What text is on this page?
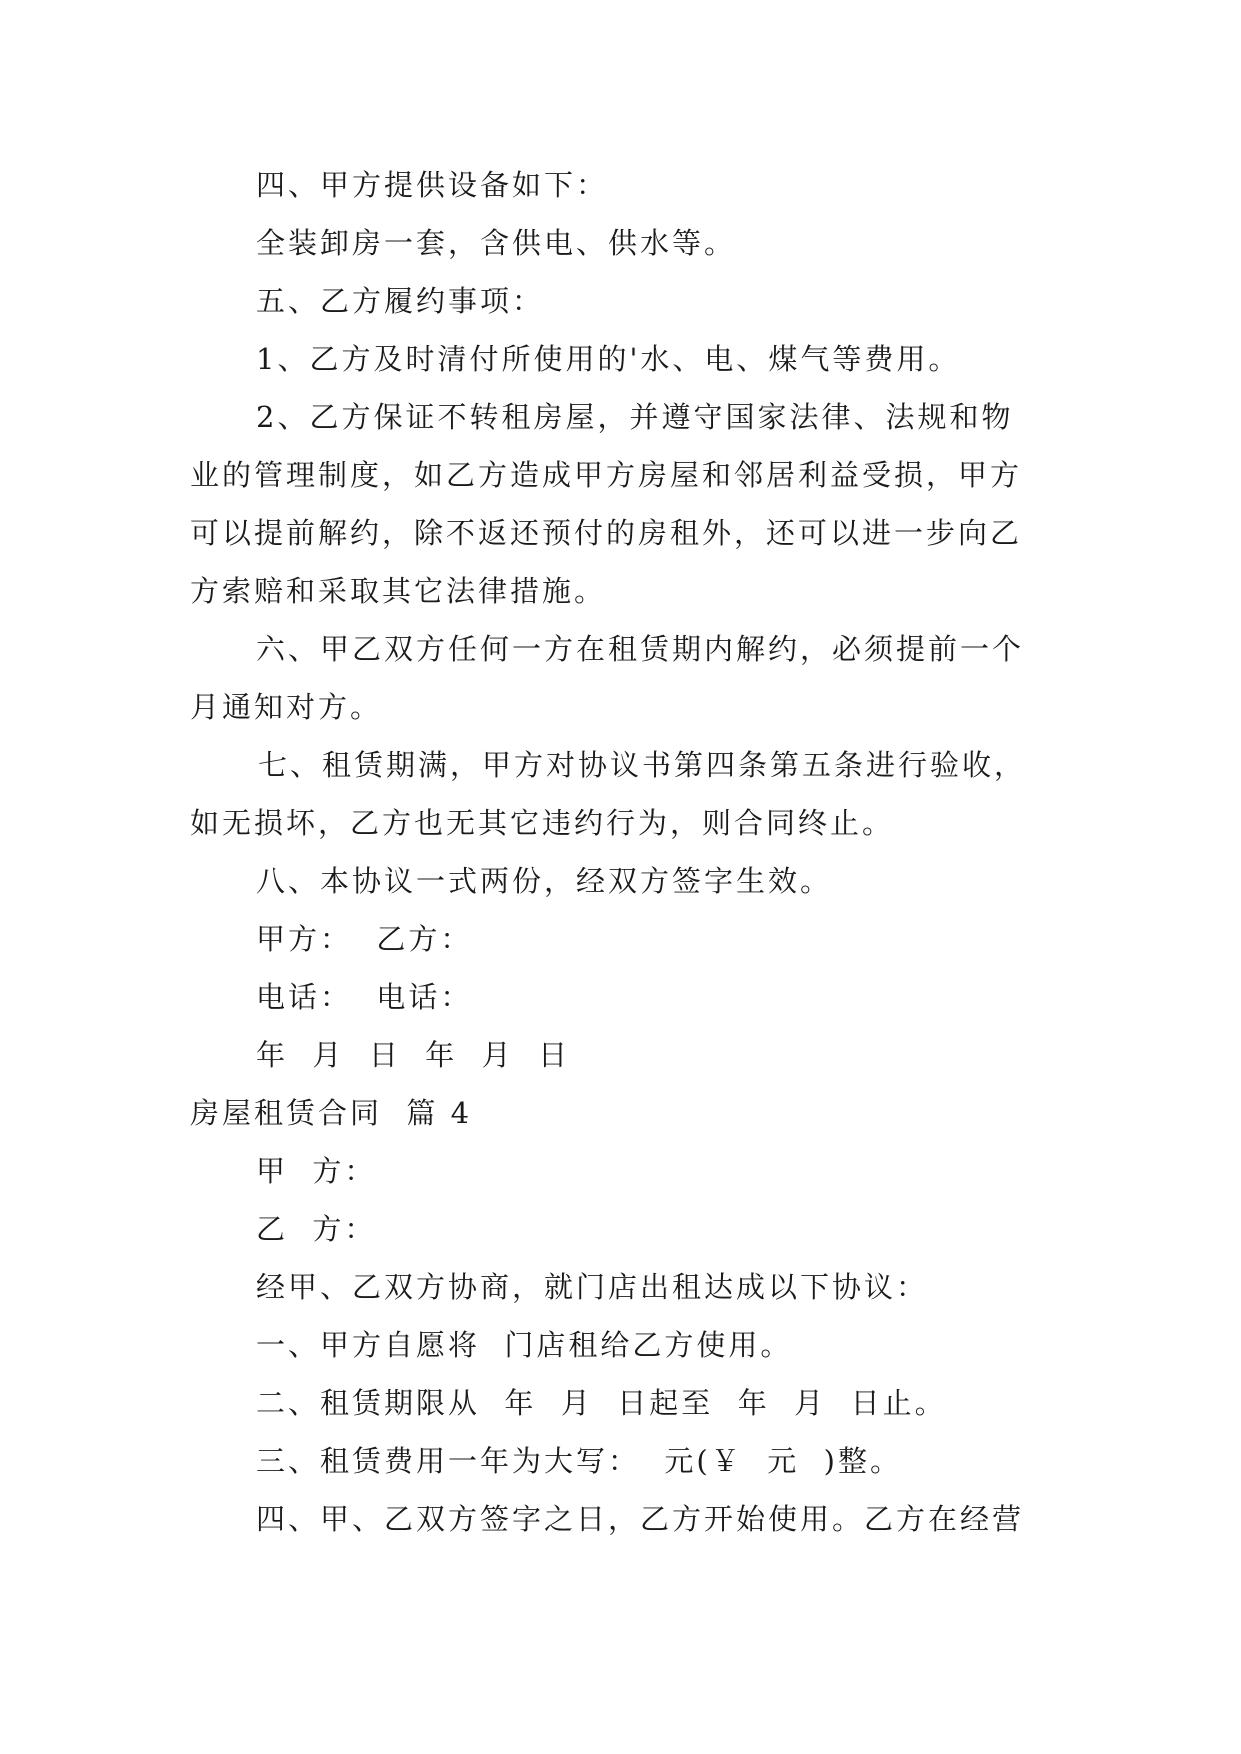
四、甲方提供设备如下：
全装卸房一套，含供电、供水等。
五、乙方履约事项：
1、乙方及时清付所使用的'水、电、煤气等费用。
2、乙方保证不转租房屋，并遵守国家法律、法规和物
业的管理制度，如乙方造成甲方房屋和邻居利益受损，甲方
可以提前解约，除不返还预付的房租外，还可以进一步向乙
方索赔和采取其它法律措施。
六、甲乙双方任何一方在租赁期内解约，必须提前一个
月通知对方。
七、租赁期满，甲方对协议书第四条第五条进行验收，
如无损坏，乙方也无其它违约行为，则合同终止。
八、本协议一式两份，经双方签字生效。
甲方：  乙方：
电话：  电话：
年  月  日  年  月  日
房屋租赁合同  篇 4
甲  方：
乙  方：
经甲、乙双方协商，就门店出租达成以下协议：
一、甲方自愿将  门店租给乙方使用。
二、租赁期限从  年  月  日起至  年  月  日止。
三、租赁费用一年为大写：  元(￥  元  )整。
四、甲、乙双方签字之日，乙方开始使用。乙方在经营
